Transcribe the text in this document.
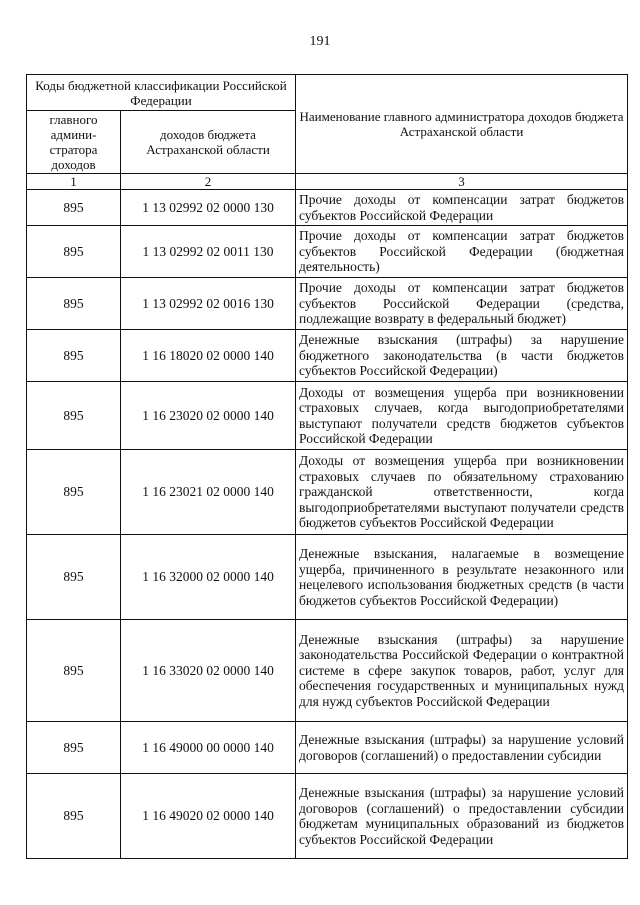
191
Коды бюджетной классификации Российской Федерации		Наименование главного администратора доходов бюджета Астраханской области
главного админи-стратора доходов	доходов бюджета Астраханской области	
1	2	3
895	1 13 02992 02 0000 130	Прочие доходы от компенсации затрат бюджетов субъектов Российской Федерации
895	1 13 02992 02 0011 130	Прочие доходы от компенсации затрат бюджетов субъектов Российской Федерации (бюджетная деятельность)
895	1 13 02992 02 0016 130	Прочие доходы от компенсации затрат бюджетов субъектов Российской Федерации (средства, подлежащие возврату в федеральный бюджет)
895	1 16 18020 02 0000 140	Денежные взыскания (штрафы) за нарушение бюджетного законодательства (в части бюджетов субъектов Российской Федерации)
895	1 16 23020 02 0000 140	Доходы от возмещения ущерба при возникновении страховых случаев, когда выгодоприобретателями выступают получатели средств бюджетов субъектов Российской Федерации
895	1 16 23021 02 0000 140	Доходы от возмещения ущерба при возникновении страховых случаев по обязательному страхованию гражданской ответственности, когда выгодоприобретателями выступают получатели средств бюджетов субъектов Российской Федерации
895	1 16 32000 02 0000 140	Денежные взыскания, налагаемые в возмещение ущерба, причиненного в результате незаконного или нецелевого использования бюджетных средств (в части бюджетов субъектов Российской Федерации)
895	1 16 33020 02 0000 140	Денежные взыскания (штрафы) за нарушение законодательства Российской Федерации о контрактной системе в сфере закупок товаров, работ, услуг для обеспечения государственных и муниципальных нужд для нужд субъектов Российской Федерации
895	1 16 49000 00 0000 140	Денежные взыскания (штрафы) за нарушение условий договоров (соглашений) о предоставлении субсидии
895	1 16 49020 02 0000 140	Денежные взыскания (штрафы) за нарушение условий договоров (соглашений) о предоставлении субсидии бюджетам муниципальных образований из бюджетов субъектов Российской Федерации
